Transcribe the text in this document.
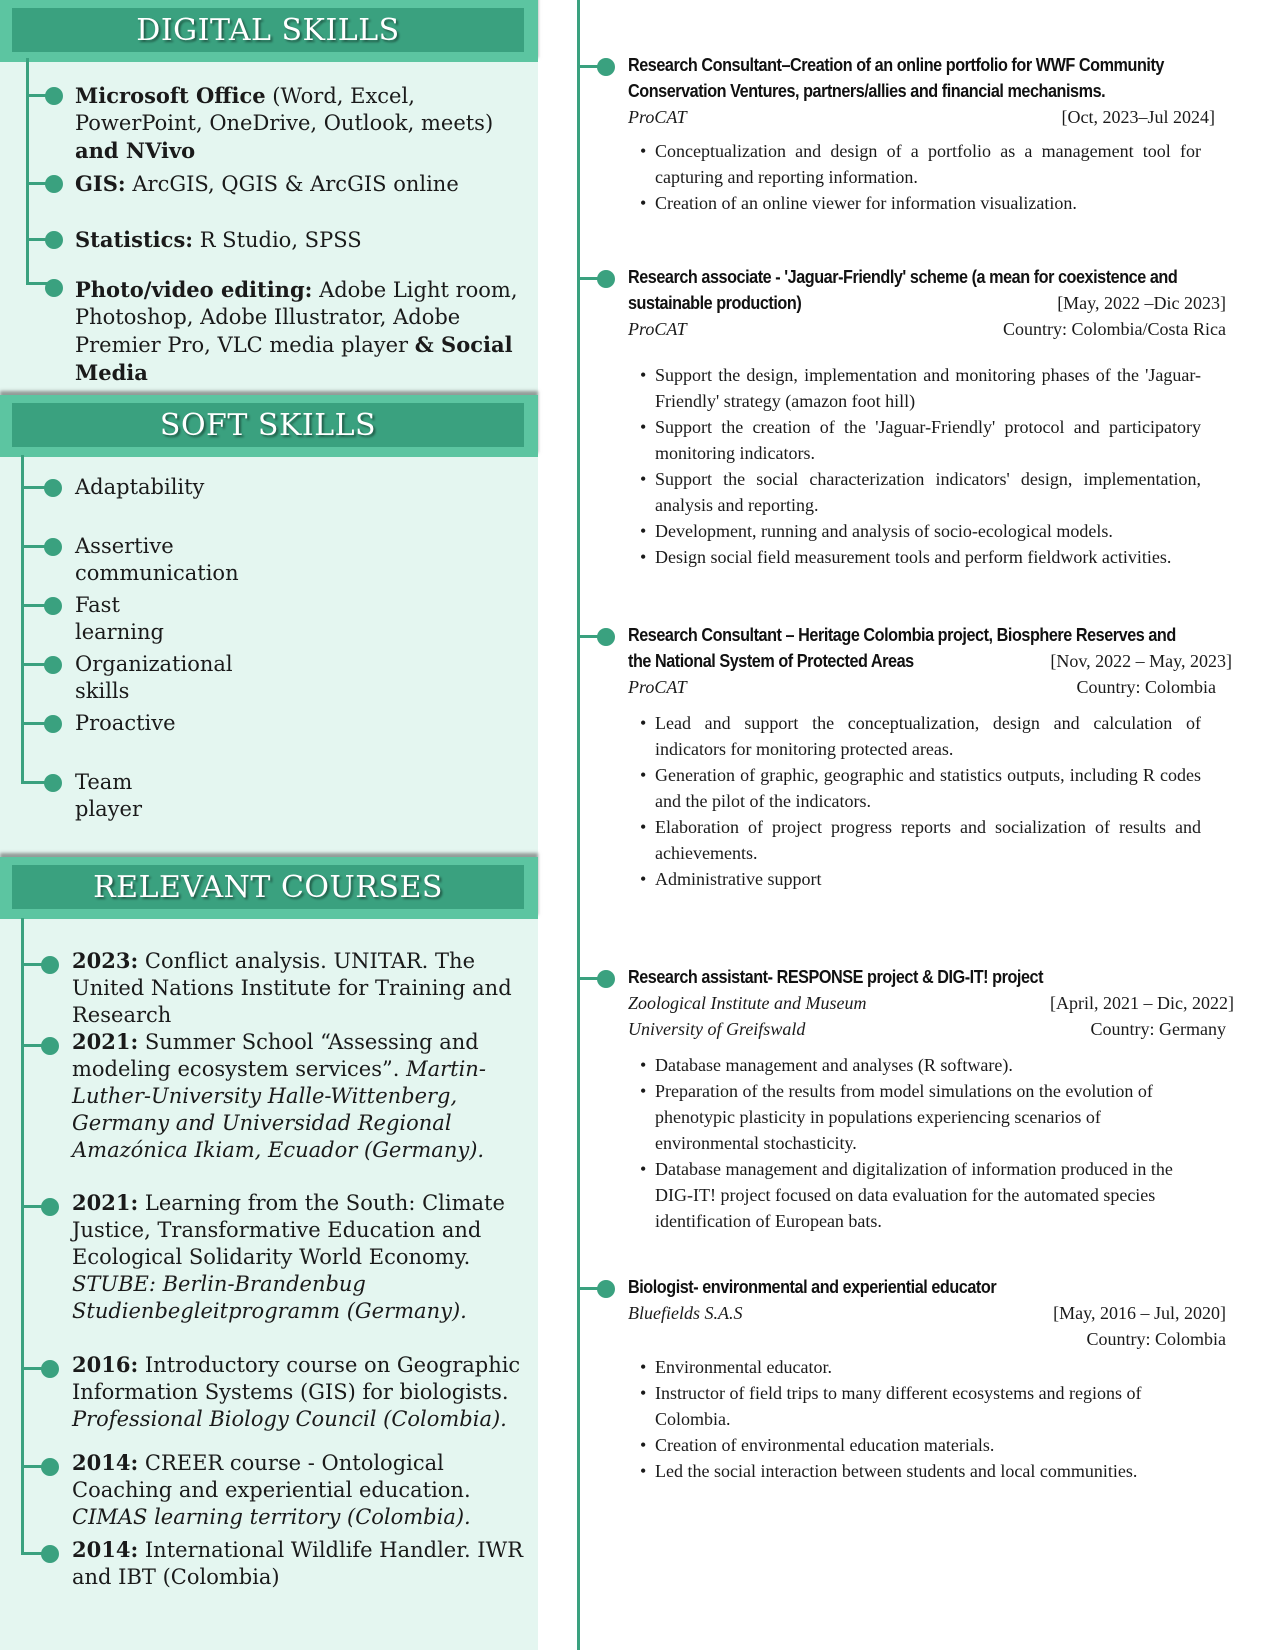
DIGITAL SKILLS
Microsoft Office (Word, Excel, PowerPoint, OneDrive, Outlook, meets) and NVivo
GIS: ArcGIS, QGIS & ArcGIS online
Statistics: R Studio, SPSS
Photo/video editing: Adobe Light room, Photoshop, Adobe Illustrator, Adobe Premier Pro, VLC media player & Social Media
SOFT SKILLS
Adaptability
Assertive communication
Fast learning
Organizational skills
Proactive
Team player
RELEVANT COURSES
2023: Conflict analysis. UNITAR. The United Nations Institute for Training and Research
2021: Summer School “Assessing and modeling ecosystem services”. Martin-Luther-University Halle-Wittenberg, Germany and Universidad Regional Amazónica Ikiam, Ecuador (Germany).
2021: Learning from the South: Climate Justice, Transformative Education and Ecological Solidarity World Economy. STUBE: Berlin-Brandenbug Studienbegleitprogramm (Germany).
2016: Introductory course on Geographic Information Systems (GIS) for biologists. Professional Biology Council (Colombia).
2014: CREER course - Ontological Coaching and experiential education. CIMAS learning territory (Colombia).
2014: International Wildlife Handler. IWR and IBT (Colombia)
Research Consultant–Creation of an online portfolio for WWF Community Conservation Ventures, partners/allies and financial mechanisms.
ProCAT	[Oct, 2023–Jul 2024]
• Conceptualization and design of a portfolio as a management tool for capturing and reporting information.
• Creation of an online viewer for information visualization.
Research associate - 'Jaguar-Friendly' scheme (a mean for coexistence and sustainable production)	[May, 2022 –Dic 2023]
ProCAT	Country: Colombia/Costa Rica
• Support the design, implementation and monitoring phases of the 'Jaguar-Friendly' strategy (amazon foot hill)
• Support the creation of the 'Jaguar-Friendly' protocol and participatory monitoring indicators.
• Support the social characterization indicators' design, implementation, analysis and reporting.
• Development, running and analysis of socio-ecological models.
• Design social field measurement tools and perform fieldwork activities.
Research Consultant – Heritage Colombia project, Biosphere Reserves and the National System of Protected Areas	[Nov, 2022 – May, 2023]
ProCAT	Country: Colombia
• Lead and support the conceptualization, design and calculation of indicators for monitoring protected areas.
• Generation of graphic, geographic and statistics outputs, including R codes and the pilot of the indicators.
• Elaboration of project progress reports and socialization of results and achievements.
• Administrative support
Research assistant- RESPONSE project & DIG-IT! project
Zoological Institute and Museum	[April, 2021 – Dic, 2022]
University of Greifswald	Country: Germany
• Database management and analyses (R software).
• Preparation of the results from model simulations on the evolution of phenotypic plasticity in populations experiencing scenarios of environmental stochasticity.
• Database management and digitalization of information produced in the DIG-IT! project focused on data evaluation for the automated species identification of European bats.
Biologist- environmental and experiential educator
Bluefields S.A.S	[May, 2016 – Jul, 2020]
Country: Colombia
• Environmental educator.
• Instructor of field trips to many different ecosystems and regions of Colombia.
• Creation of environmental education materials.
• Led the social interaction between students and local communities.
